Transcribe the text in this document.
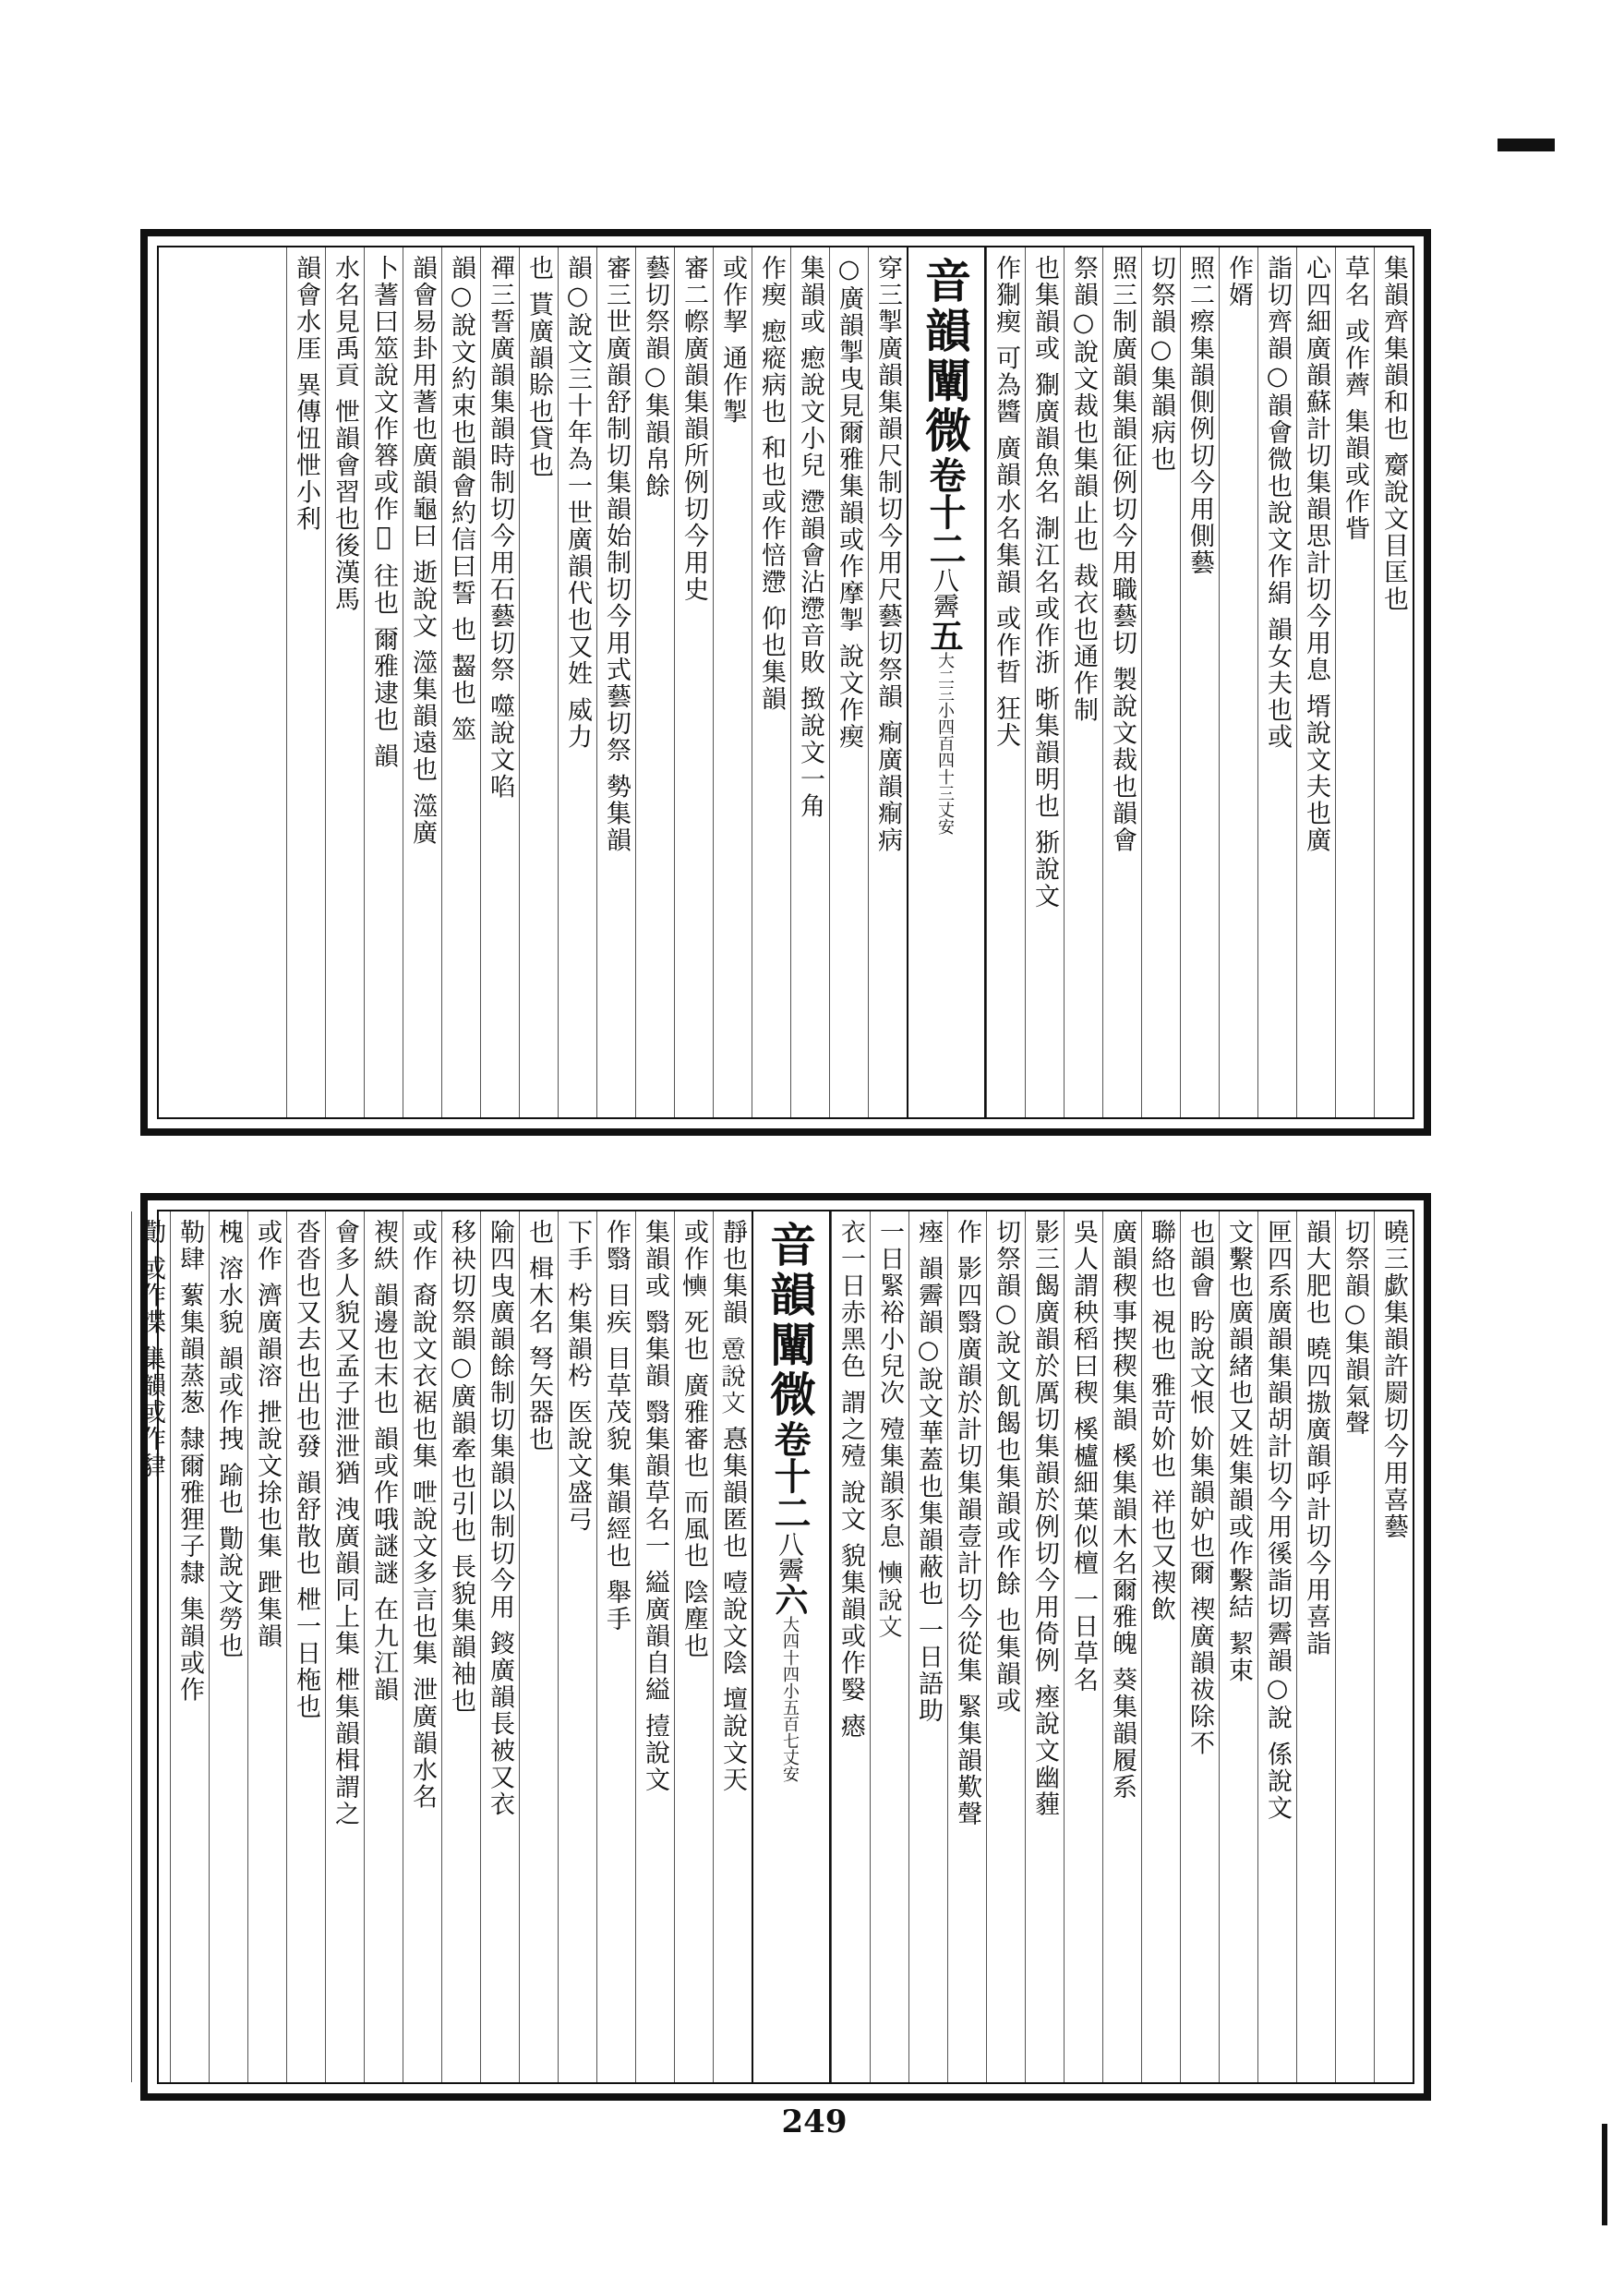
集韻齊集韻和也 䶒說文目匡也
草名 或作薺 集韻或作眥
心四細廣韻蘇計切集韻思計切今用息 壻說文夫也廣
詣切齊韻○韻會微也說文作絹 韻女夫也或
作婿
照二瘵集韻側例切今用側藝
切祭韻○集韻病也
照三制廣韻集韻征例切今用職藝切 製說文裁也韻會
祭韻○說文裁也集韻止也 裁衣也通作制
也集韻或 猘廣韻魚名 淛江名或作浙 晣集韻明也 狾說文
作猘瘈 可為醬 廣韻水名集韻 或作晢 狂犬
音韻闡微卷十二八霽五大二三小四百四十三丈安
穿三掣廣韻集韻尺制切今用尺藝切祭韻 痸廣韻痸病
○廣韻掣曳見爾雅集韻或作摩掣 說文作瘈
集韻或 瘛說文小兒 懘韻會沾懘音敗 㨖說文一角
作瘈 瘛瘲病也 和也或作㥉懘 仰也集韻
或作挈 通作掣
審二㡜廣韻集韻所例切今用史
藝切祭韻○集韻帛餘
審三世廣韻舒制切集韻始制切今用式藝切祭 勢集韻
韻○說文三十年為一世廣韻代也又姓 威力
也 貰廣韻賒也貸也
禪三誓廣韻集韻時制切今用石藝切祭 噬說文啗
韻○說文約束也韻會約信曰誓 也 齧也 筮
韻會易卦用蓍也廣韻龜曰 逝說文 澨集韻遠也 澨廣
卜蓍曰筮說文作簭或作𥰳 往也 爾雅逮也 韻
水名見禹貢 怈韻會習也後漢馬
韻會水厓 異傳忸怈小利
曉三歔集韻許罽切今用喜藝
切祭韻○集韻氣聲
韻大肥也 曉四𢳆廣韻呼計切今用喜詣
匣四系廣韻集韻胡計切今用徯詣切霽韻○說 係說文
文繫也廣韻緒也又姓集韻或作繫結 絜束
也韻會 盻說文恨 妎集韻妒也爾 禊廣韻祓除不
聯絡也 視也 雅苛妎也 祥也又禊飲
廣韻稧事揳稧集韻 榽集韻木名爾雅魄 葵集韻履系
吳人謂秧稻曰稧 榽櫨細葉似檀 一日草名
影三餲廣韻於厲切集韻於例切今用倚例 瘞說文幽薶
切祭韻○說文飢餲也集韻或作餘 也集韻或
作 影四翳廣韻於計切集韻壹計切今從集 緊集韻歎聲
瘞 韻霽韻○說文華蓋也集韻蔽也 一日語助
一日緊裕小兒次 殪集韻豕息 𢤋說文
衣一日赤黑色 謂之殪 說文 貌集韻或作嫛 瘱
音韻闡微卷十二八霽六大四十四小五百七丈安
靜也集韻 𢡃說文 㥲集韻匿也 噎說文陰 壇說文天
或作𢤋 死也 廣雅審也 而風也 陰塵也
集韻或 翳集韻 翳集韻草名一 縊廣韻自縊 撎說文
作翳 目疾 目草茂貌 集韻經也 舉手
下手 枍集韻枍 医說文盛弓
也 楫木名 弩矢器也
隃四曳廣韻餘制切集韻以制切今用 䤹廣韻長被又衣
移袂切祭韻○廣韻牽也引也 長貌集韻袖也
或作 裔說文衣裾也集 呭說文多言也集 泄廣韻水名
褉紩 韻邊也末也 韻或作哦謎謎 在九江韻
會多人貌又孟子泄泄猶 洩廣韻同上集 枻集韻楫謂之
沓沓也又去也出也發 韻舒散也 枻一日柂也
或作 濟廣韻溶 抴說文捈也集 跇集韻
槐 溶水貌 韻或作拽 踰也 勩說文勞也
勒肆 蕠集韻蒸葱 隸爾雅狸子隸 集韻或作
勩 或作渫 集韻或作貄
249
